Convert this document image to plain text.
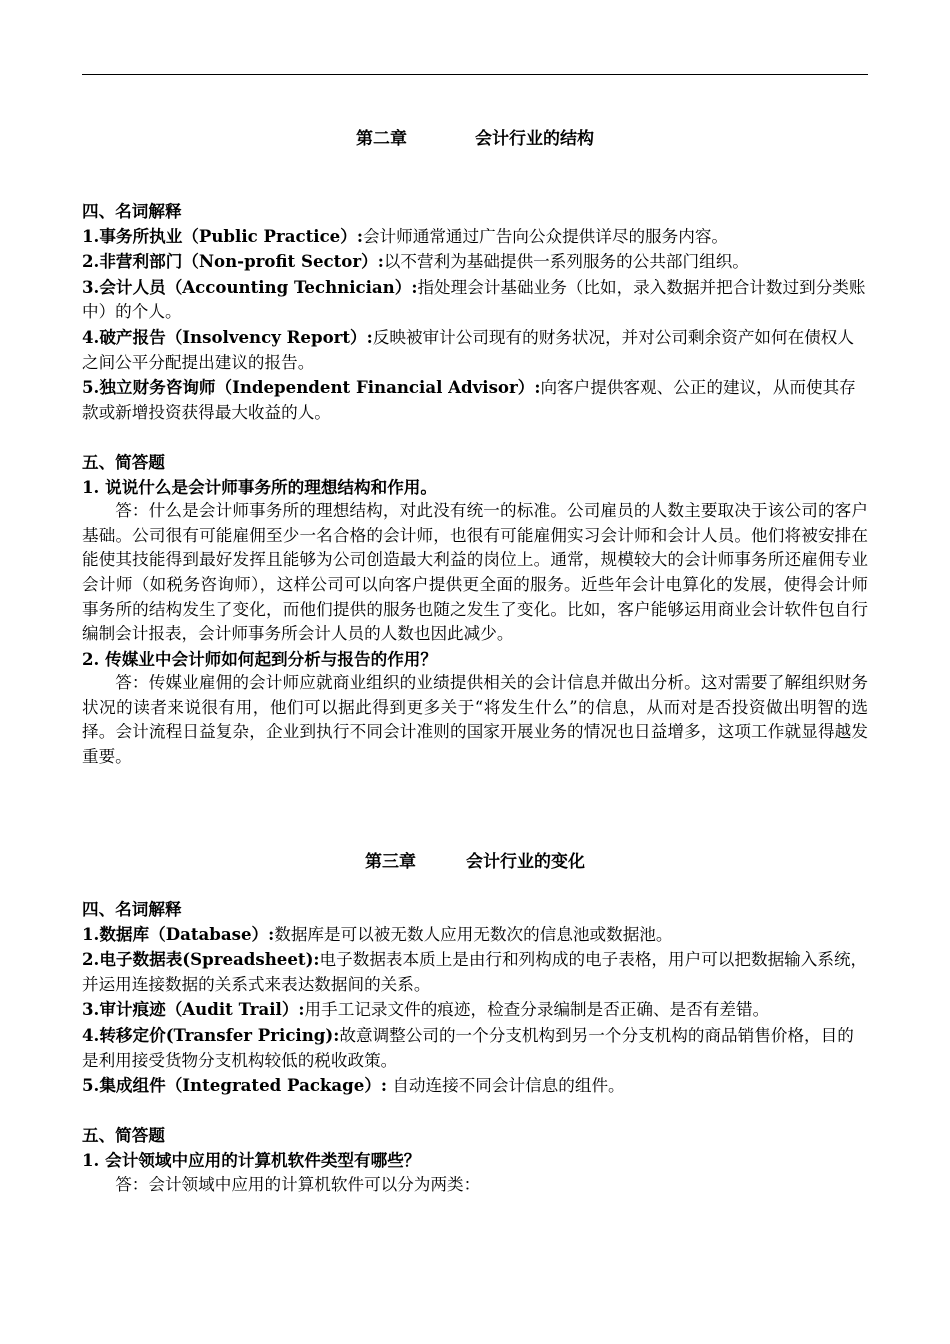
第二章	会计行业的结构
四、名词解释
1.事务所执业（Public Practice）:会计师通常通过广告向公众提供详尽的服务内容。
2.非营利部门（Non-profit Sector）:以不营利为基础提供一系列服务的公共部门组织。
3.会计人员（Accounting Technician）:指处理会计基础业务（比如，录入数据并把合计数过到分类账中）的个人。
4.破产报告（Insolvency Report）:反映被审计公司现有的财务状况，并对公司剩余资产如何在债权人之间公平分配提出建议的报告。
5.独立财务咨询师（Independent Financial Advisor）:向客户提供客观、公正的建议，从而使其存款或新增投资获得最大收益的人。
五、简答题
1. 说说什么是会计师事务所的理想结构和作用。
答：什么是会计师事务所的理想结构，对此没有统一的标准。公司雇员的人数主要取决于该公司的客户基础。公司很有可能雇佣至少一名合格的会计师，也很有可能雇佣实习会计师和会计人员。他们将被安排在能使其技能得到最好发挥且能够为公司创造最大利益的岗位上。通常，规模较大的会计师事务所还雇佣专业会计师（如税务咨询师），这样公司可以向客户提供更全面的服务。近些年会计电算化的发展，使得会计师事务所的结构发生了变化，而他们提供的服务也随之发生了变化。比如，客户能够运用商业会计软件包自行编制会计报表，会计师事务所会计人员的人数也因此减少。
2. 传媒业中会计师如何起到分析与报告的作用？
答：传媒业雇佣的会计师应就商业组织的业绩提供相关的会计信息并做出分析。这对需要了解组织财务状况的读者来说很有用，他们可以据此得到更多关于“将发生什么”的信息，从而对是否投资做出明智的选择。会计流程日益复杂，企业到执行不同会计准则的国家开展业务的情况也日益增多，这项工作就显得越发重要。
第三章	会计行业的变化
四、名词解释
1.数据库（Database）:数据库是可以被无数人应用无数次的信息池或数据池。
2.电子数据表(Spreadsheet):电子数据表本质上是由行和列构成的电子表格，用户可以把数据输入系统，并运用连接数据的关系式来表达数据间的关系。
3.审计痕迹（Audit Trail）:用手工记录文件的痕迹，检查分录编制是否正确、是否有差错。
4.转移定价(Transfer Pricing):故意调整公司的一个分支机构到另一个分支机构的商品销售价格，目的是利用接受货物分支机构较低的税收政策。
5.集成组件（Integrated Package）: 自动连接不同会计信息的组件。
五、简答题
1. 会计领域中应用的计算机软件类型有哪些？
答：会计领域中应用的计算机软件可以分为两类：
